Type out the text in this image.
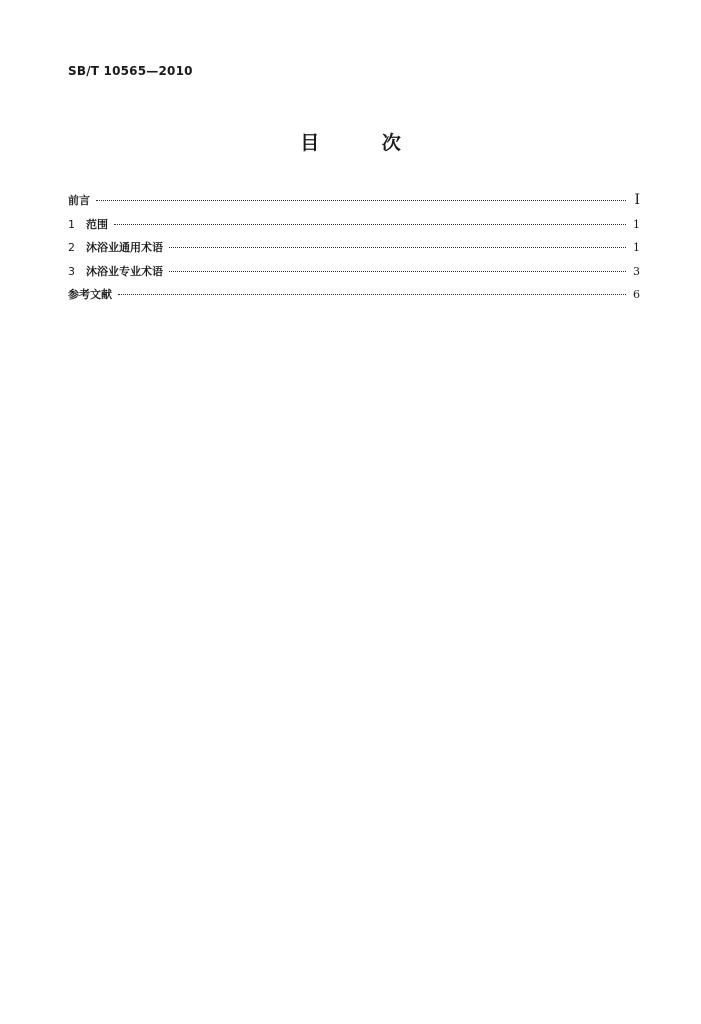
SB/T 10565—2010
目 次
前言	Ⅰ
1 范围	1
2 沐浴业通用术语	1
3 沐浴业专业术语	3
参考文献	6
